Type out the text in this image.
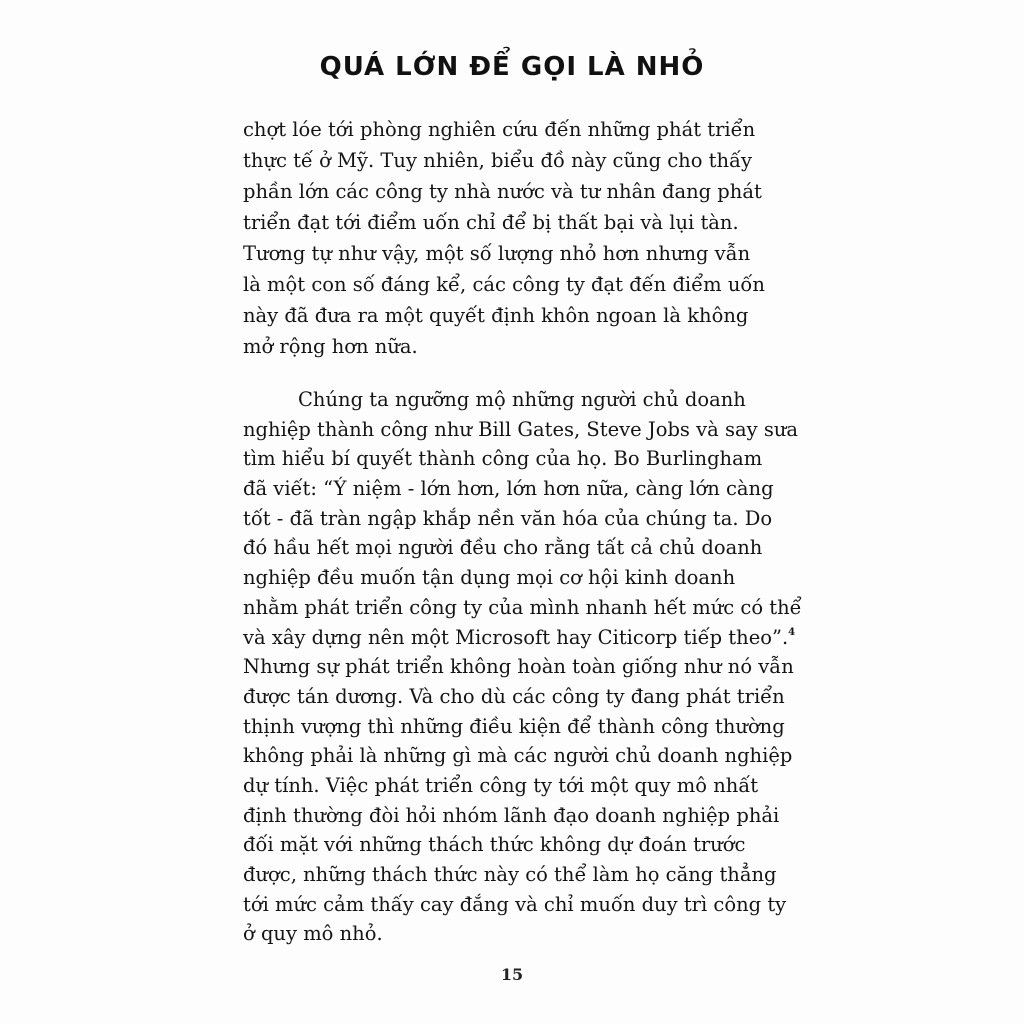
QUÁ LỚN ĐỂ GỌI LÀ NHỎ
chợt lóe tới phòng nghiên cứu đến những phát triển
thực tế ở Mỹ. Tuy nhiên, biểu đồ này cũng cho thấy
phần lớn các công ty nhà nước và tư nhân đang phát
triển đạt tới điểm uốn chỉ để bị thất bại và lụi tàn.
Tương tự như vậy, một số lượng nhỏ hơn nhưng vẫn
là một con số đáng kể, các công ty đạt đến điểm uốn
này đã đưa ra một quyết định khôn ngoan là không
mở rộng hơn nữa.
Chúng ta ngưỡng mộ những người chủ doanh
nghiệp thành công như Bill Gates, Steve Jobs và say sưa
tìm hiểu bí quyết thành công của họ. Bo Burlingham
đã viết: “Ý niệm - lớn hơn, lớn hơn nữa, càng lớn càng
tốt - đã tràn ngập khắp nền văn hóa của chúng ta. Do
đó hầu hết mọi người đều cho rằng tất cả chủ doanh
nghiệp đều muốn tận dụng mọi cơ hội kinh doanh
nhằm phát triển công ty của mình nhanh hết mức có thể
và xây dựng nên một Microsoft hay Citicorp tiếp theo”.$^4$
Nhưng sự phát triển không hoàn toàn giống như nó vẫn
được tán dương. Và cho dù các công ty đang phát triển
thịnh vượng thì những điều kiện để thành công thường
không phải là những gì mà các người chủ doanh nghiệp
dự tính. Việc phát triển công ty tới một quy mô nhất
định thường đòi hỏi nhóm lãnh đạo doanh nghiệp phải
đối mặt với những thách thức không dự đoán trước
được, những thách thức này có thể làm họ căng thẳng
tới mức cảm thấy cay đắng và chỉ muốn duy trì công ty
ở quy mô nhỏ.
15
